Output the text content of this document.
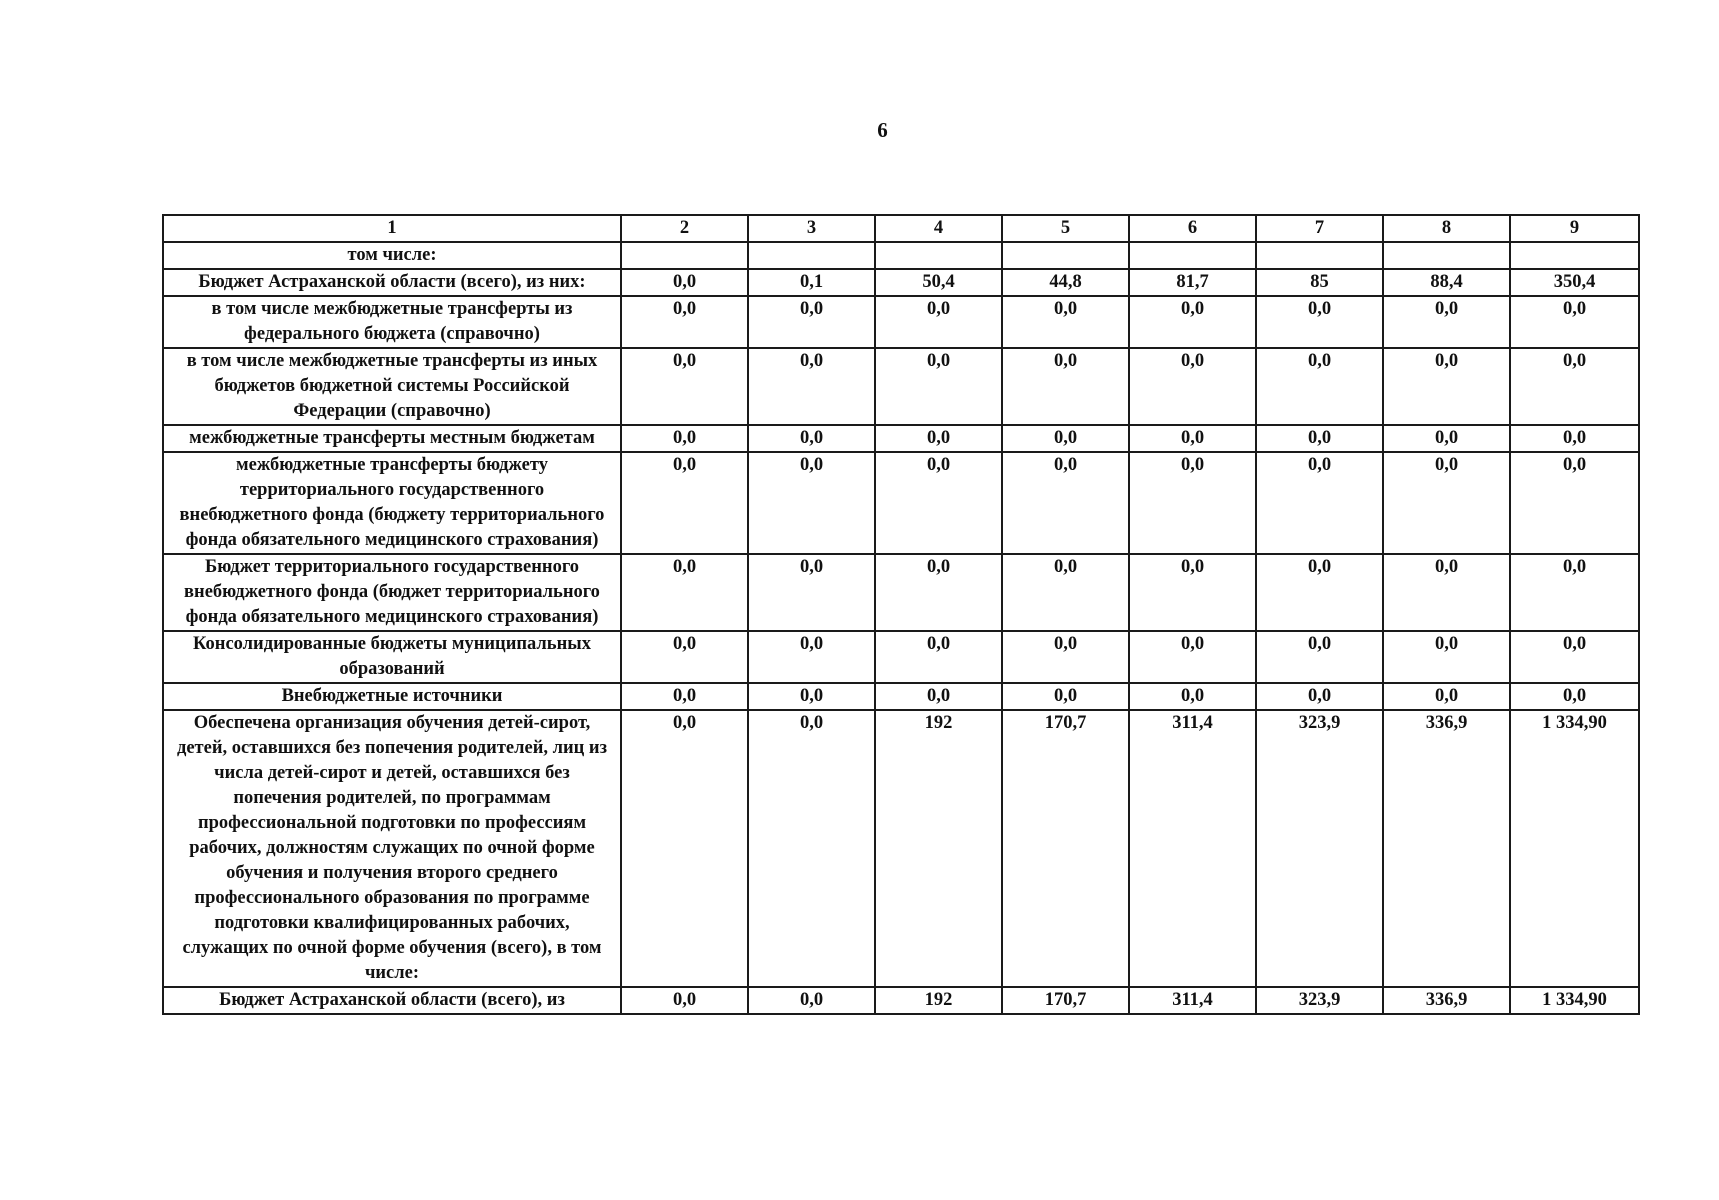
6
1	2	3	4	5	6	7	8	9
том числе:								
Бюджет Астраханской области (всего), из них:	0,0	0,1	50,4	44,8	81,7	85	88,4	350,4
в том числе межбюджетные трансферты из федерального бюджета (справочно)	0,0	0,0	0,0	0,0	0,0	0,0	0,0	0,0
в том числе межбюджетные трансферты из иных бюджетов бюджетной системы Российской Федерации (справочно)	0,0	0,0	0,0	0,0	0,0	0,0	0,0	0,0
межбюджетные трансферты местным бюджетам	0,0	0,0	0,0	0,0	0,0	0,0	0,0	0,0
межбюджетные трансферты бюджету территориального государственного внебюджетного фонда (бюджету территориального фонда обязательного медицинского страхования)	0,0	0,0	0,0	0,0	0,0	0,0	0,0	0,0
Бюджет территориального государственного внебюджетного фонда (бюджет территориального фонда обязательного медицинского страхования)	0,0	0,0	0,0	0,0	0,0	0,0	0,0	0,0
Консолидированные бюджеты муниципальных образований	0,0	0,0	0,0	0,0	0,0	0,0	0,0	0,0
Внебюджетные источники	0,0	0,0	0,0	0,0	0,0	0,0	0,0	0,0
Обеспечена организация обучения детей-сирот, детей, оставшихся без попечения родителей, лиц из числа детей-сирот и детей, оставшихся без попечения родителей, по программам профессиональной подготовки по профессиям рабочих, должностям служащих по очной форме обучения и получения второго среднего профессионального образования по программе подготовки квалифицированных рабочих, служащих по очной форме обучения (всего), в том числе:	0,0	0,0	192	170,7	311,4	323,9	336,9	1 334,90
Бюджет Астраханской области (всего), из	0,0	0,0	192	170,7	311,4	323,9	336,9	1 334,90
